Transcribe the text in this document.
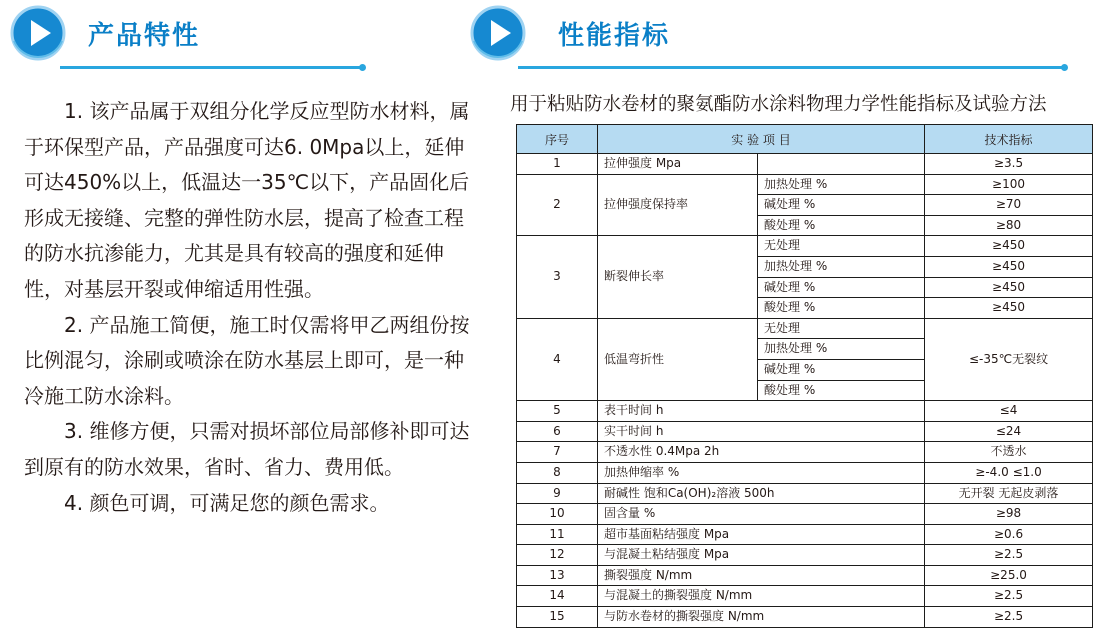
产品特性	性能指标

1. 该产品属于双组分化学反应型防水材料，属于环保型产品，产品强度可达6. 0Mpa以上，延伸可达450%以上，低温达一35℃以下，产品固化后形成无接缝、完整的弹性防水层，提高了检查工程的防水抗渗能力，尤其是具有较高的强度和延伸性，对基层开裂或伸缩适用性强。

2. 产品施工简便，施工时仅需将甲乙两组份按比例混匀，涂刷或喷涂在防水基层上即可，是一种冷施工防水涂料。

3. 维修方便，只需对损坏部位局部修补即可达到原有的防水效果，省时、省力、费用低。

4. 颜色可调，可满足您的颜色需求。

用于粘贴防水卷材的聚氨酯防水涂料物理力学性能指标及试验方法
序号	实 验 项 目		技术指标
1	拉伸强度 Mpa		≥3.5
2	拉伸强度保持率	加热处理 %	≥100
		碱处理 %	≥70
		酸处理 %	≥80
3	断裂伸长率	无处理	≥450
		加热处理 %	≥450
		碱处理 %	≥450
		酸处理 %	≥450
4	低温弯折性	无处理	≤-35℃无裂纹
		加热处理 %	
		碱处理 %	
		酸处理 %	
5	表干时间 h		≤4
6	实干时间 h		≤24
7	不透水性 0.4Mpa 2h		不透水
8	加热伸缩率 %		≥-4.0 ≤1.0
9	耐碱性 饱和Ca(OH)₂溶液 500h		无开裂 无起皮剥落
10	固含量 %		≥98
11	超市基面粘结强度 Mpa		≥0.6
12	与混凝土粘结强度 Mpa		≥2.5
13	撕裂强度 N/mm		≥25.0
14	与混凝土的撕裂强度 N/mm		≥2.5
15	与防水卷材的撕裂强度 N/mm		≥2.5
